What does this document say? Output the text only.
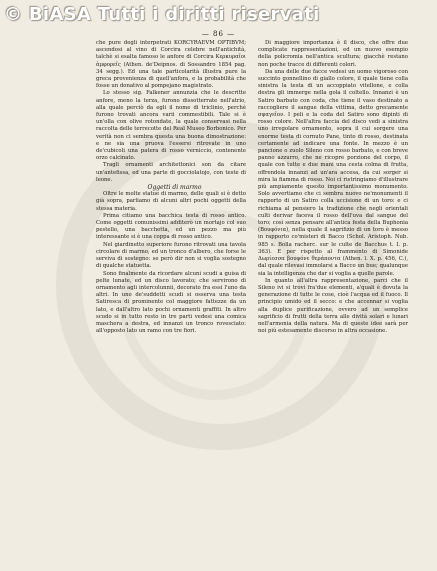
© BiASA Tutti i diritti riservati
— 86 —

che pure degli interpetrati KORCYRAEVM OPTIBVM; ascendosi al vino di Corcira celebre nell'antichità, talchè si esalta famoso le anfore di Corcira Κερκυραῖοι ἀμφορεῖς (Athen. de'Deipnos. di Sossandro 1854 pag. 34 segg.). Ed una tale particolarità illustra pure la greca provenienza di quell'anfora, e la probabilità che fosse un donativo al pompejano magistrato.

Lo stesso sig. Falkener annunzia che le descritte anfore, meno la terza, furono dissotterrate nell'atrio, alla quale perciò da egli il nome di triclinio, perchè furono trovati ancora varii commestibili. Tale si è un'olla con olive rotondate, la quale conservasi nella raccolta delle terrecotte del Real Museo Borbonico. Per verità non ci sembra questa una buona dimostrazione: e ne sia una pruova l'essersi ritrovate in uno de'cubicoli una patera di rosso verniccio, contenente orzo calcinato.

Tragli ornamenti architettonici son da citare un'antefissa, ed una parte di gocciolatojo, con teste di leone.

Oggetti di marmo

Oltre le molte statue di marmo, delle quali si è detto già sopra, parliamo di alcuni altri pochi oggetti della stessa materia.

Prima citiamo una bacchica testa di rosso antico. Come oggetti comunissimi additerò un mortajo col suo pestello, una bacchetta, ed un pezzo ma più interessante si è una coppa di rosso antico.

Nel giardinetto superiore furono ritrovati una tavola circolare di marmo, ed un tronco d'albero, che forse le serviva di sostegno: se però dir non si voglia sostegno di qualche statuetta.

Sono finalmente da ricordare alcuni scudi a guisa di pelte lunate, ed un disco lavorato; che servirono di ornamento agli intercolunnii, decorato fra essi l'uno da altri. In uno de'suddetti scudi si osserva una testa Satiresca di prominente col maggiore fattezze da un lato, e dall'altro lato pochi ornamenti graffiti. In altro scudo si in tutto resto in tre parti vedesi una comica maschera a destra, ed innanzi un tronco rovesciato: all'opposto lato un ramo con tre fiori.

Di maggiore importanza è il disco, che offre due complicate rappresentazioni, ed un nuovo esempio della policromia nell'antica scultura; giacchè restano non poche tracce di differenti colori.

Da una delle due facce vedesi un uomo vigoroso con succinto gonnellino di giallo colore, il quale tiene colla sinistra la testa di un accoppiato vitellone, e colla destra gli immerge nella gola il coltello. Innanzi è un Satiro barbato con coda, che tiene il vaso destinato a raccogliere il sangue della vittima, detto grecamente σφαγεῖον. I peli e la coda del Satiro sono dipinti di rosso colore. Nell'altra faccia del disco vedi a sinistra uno irregolare ornamento, sopra il cui sorgere una enorme testa di cornuto Pane, tinto di rosso, destinata certamente ad indicare una fonte. In mezzo è un pancione o zuolo Sileno con rosso barbato, e con breve panno azzurro, che ne ricopre porzione del corpo, il quale con tutte e due mani una cesta colma di frutta, offrendola innanzi ad un'ara accesa, da cui sorger si mira la fiamma di rosso. Noi ci ristringiamo d'illustrare più ampiamente questo importantissimo monumento. Solo avvertiamo che ci sembra nuovo ne'monumenti il rapporto di un Satiro colla uccisione di un toro: e ci richiama al pensiero la tradizione che negli orientali culti derivar faceva il rosso dell'uva dal sangue del toro; così senza pensare all'antica festa della Buphonia (Βουφόνια), nella quale il sagrifizio di un toro è messo in rapporto co'misteri di Bacco (Schol. Aristoph. Nub. 985 s. Bolla racherc. sur le culte de Bacchus t. I. p. 363). E per rispetto al frammento di Simonide Δωρίεσσα βουφόνε θεράποντα (Athen. l. X. p. 456, C.), dal quale rilevasi immolarsi a Bacco un bue; qualunque sia la intelligenza che dar si voglia a quelle parole.

In quanto all'altra rappresentazione, parci che il Sileno ivi si trovi fra'due elementi, a'quali è dovuta la generazione di tutte le cose, cioè l'acqua ed il fuoco. Il principio umido ed il secco: e che accennar si voglia alla duplice purificazione, ovvero ad un semplice sagrificio di frutti della terra alle dività solari e lunari nell'armonia della natura. Ma di queste idee sarà per noi più estesamente discorso in altra occasione.
